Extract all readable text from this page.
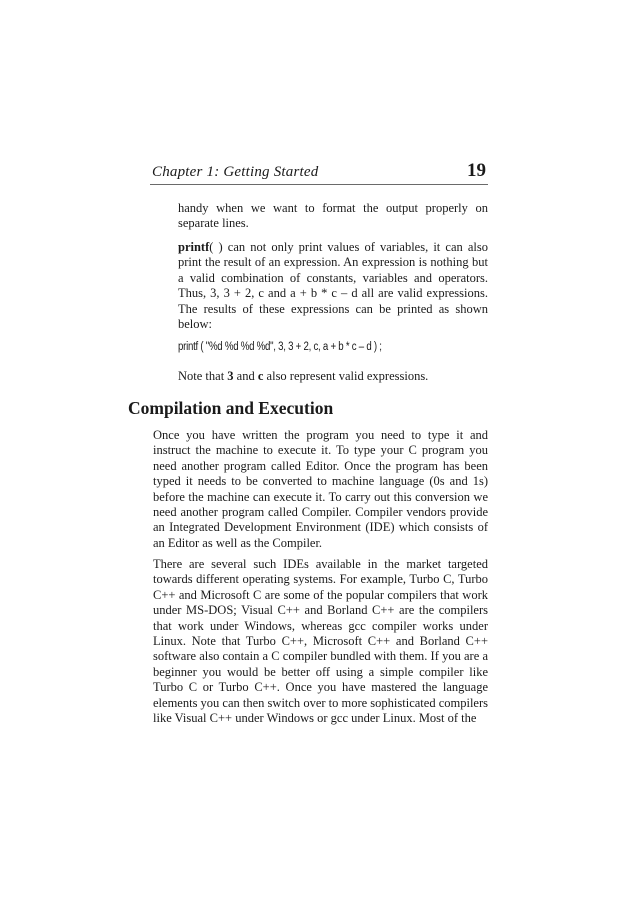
Chapter 1: Getting Started	19

handy when we want to format the output properly on separate lines.

printf( ) can not only print values of variables, it can also print the result of an expression. An expression is nothing but a valid combination of constants, variables and operators. Thus, 3, 3 + 2, c and a + b * c – d all are valid expressions. The results of these expressions can be printed as shown below:

printf ( "%d %d %d %d", 3, 3 + 2, c, a + b * c – d ) ;

Note that 3 and c also represent valid expressions.

Compilation and Execution

Once you have written the program you need to type it and instruct the machine to execute it. To type your C program you need another program called Editor. Once the program has been typed it needs to be converted to machine language (0s and 1s) before the machine can execute it. To carry out this conversion we need another program called Compiler. Compiler vendors provide an Integrated Development Environment (IDE) which consists of an Editor as well as the Compiler.

There are several such IDEs available in the market targeted towards different operating systems. For example, Turbo C, Turbo C++ and Microsoft C are some of the popular compilers that work under MS-DOS; Visual C++ and Borland C++ are the compilers that work under Windows, whereas gcc compiler works under Linux. Note that Turbo C++, Microsoft C++ and Borland C++ software also contain a C compiler bundled with them. If you are a beginner you would be better off using a simple compiler like Turbo C or Turbo C++. Once you have mastered the language elements you can then switch over to more sophisticated compilers like Visual C++ under Windows or gcc under Linux. Most of the
